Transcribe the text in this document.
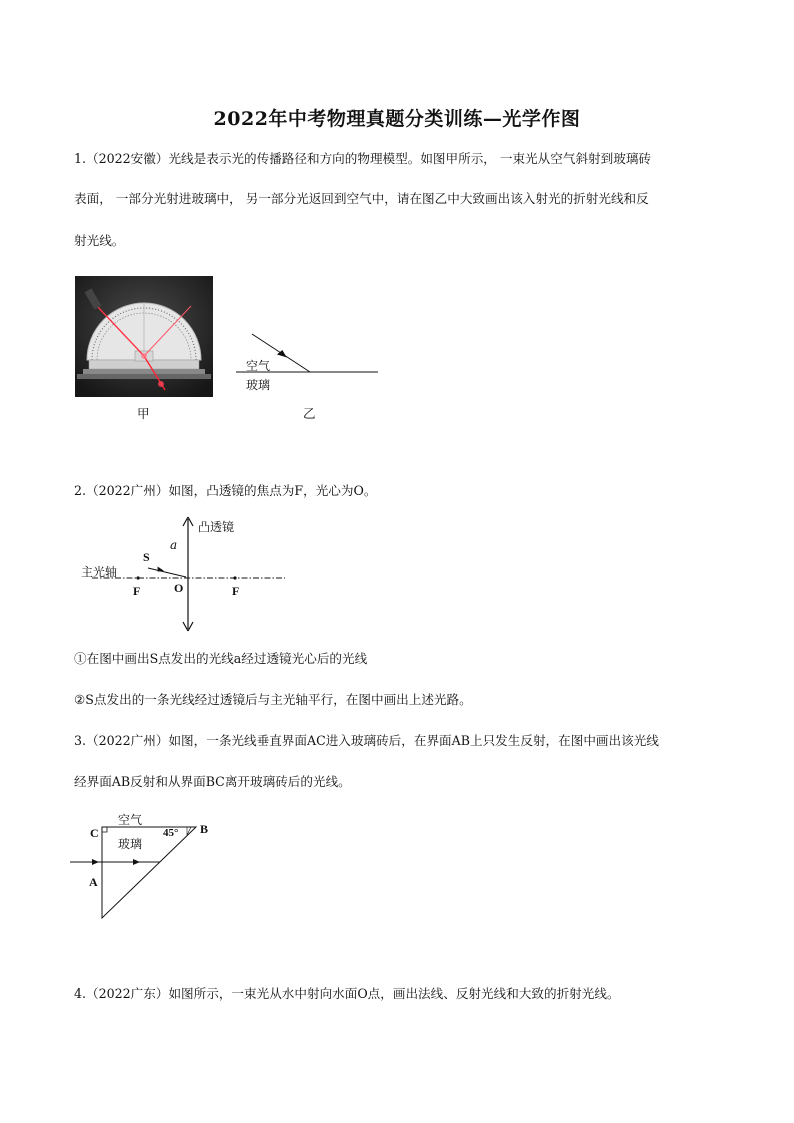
2022年中考物理真题分类训练—光学作图
1.（2022安徽）光线是表示光的传播路径和方向的物理模型。如图甲所示， 一束光从空气斜射到玻璃砖
表面， 一部分光射进玻璃中， 另一部分光返回到空气中，请在图乙中大致画出该入射光的折射光线和反
射光线。
甲
空气
玻璃
乙
2.（2022广州）如图，凸透镜的焦点为F，光心为O。
凸透镜
主光轴
S
a
F	O	F
①在图中画出S点发出的光线a经过透镜光心后的光线
②S点发出的一条光线经过透镜后与主光轴平行，在图中画出上述光路。
3.（2022广州）如图，一条光线垂直界面AC进入玻璃砖后，在界面AB上只发生反射，在图中画出该光线
经界面AB反射和从界面BC离开玻璃砖后的光线。
空气
玻璃
45°
C	B
A
4.（2022广东）如图所示，一束光从水中射向水面O点，画出法线、反射光线和大致的折射光线。
